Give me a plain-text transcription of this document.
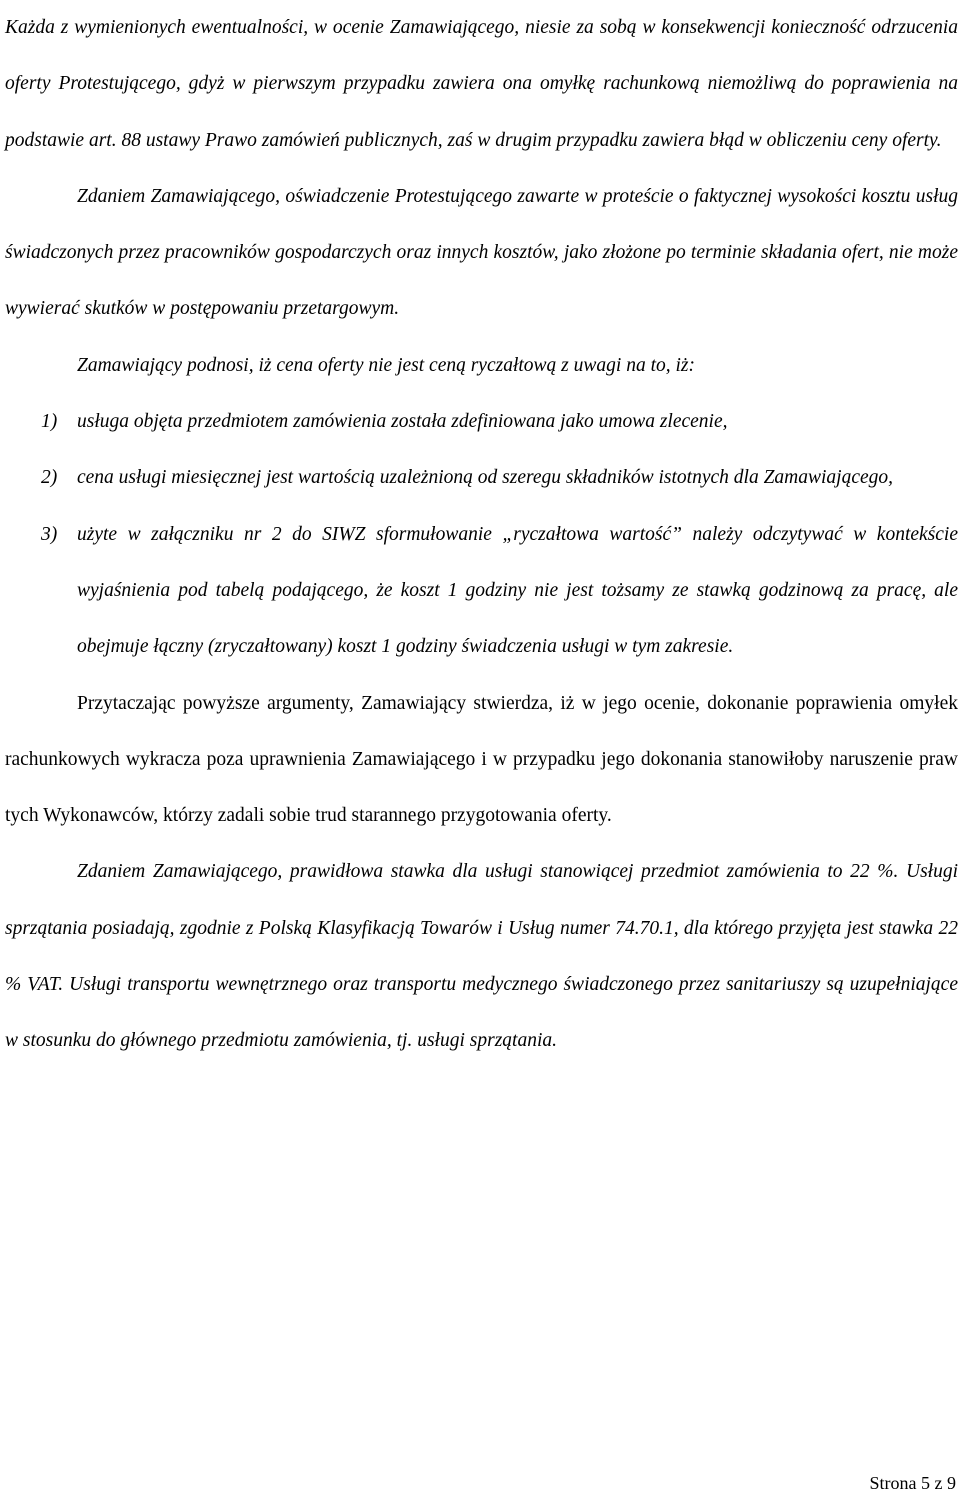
Każda z wymienionych ewentualności, w ocenie Zamawiającego, niesie za sobą w konsekwencji konieczność odrzucenia oferty Protestującego, gdyż w pierwszym przypadku zawiera ona omyłkę rachunkową niemożliwą do poprawienia na podstawie art. 88 ustawy Prawo zamówień publicznych, zaś w drugim przypadku zawiera błąd w obliczeniu ceny oferty.

Zdaniem Zamawiającego, oświadczenie Protestującego zawarte w proteście o faktycznej wysokości kosztu usług świadczonych przez pracowników gospodarczych oraz innych kosztów, jako złożone po terminie składania ofert, nie może wywierać skutków w postępowaniu przetargowym.

Zamawiający podnosi, iż cena oferty nie jest ceną ryczałtową z uwagi na to, iż:

1) usługa objęta przedmiotem zamówienia została zdefiniowana jako umowa zlecenie,
2) cena usługi miesięcznej jest wartością uzależnioną od szeregu składników istotnych dla Zamawiającego,
3) użyte w załączniku nr 2 do SIWZ sformułowanie „ryczałtowa wartość” należy odczytywać w kontekście wyjaśnienia pod tabelą podającego, że koszt 1 godziny nie jest tożsamy ze stawką godzinową za pracę, ale obejmuje łączny (zryczałtowany) koszt 1 godziny świadczenia usługi w tym zakresie.

Przytaczając powyższe argumenty, Zamawiający stwierdza, iż w jego ocenie, dokonanie poprawienia omyłek rachunkowych wykracza poza uprawnienia Zamawiającego i w przypadku jego dokonania stanowiłoby naruszenie praw tych Wykonawców, którzy zadali sobie trud starannego przygotowania oferty.

Zdaniem Zamawiającego, prawidłowa stawka dla usługi stanowiącej przedmiot zamówienia to 22 %. Usługi sprzątania posiadają, zgodnie z Polską Klasyfikacją Towarów i Usług numer 74.70.1, dla którego przyjęta jest stawka 22 % VAT. Usługi transportu wewnętrznego oraz transportu medycznego świadczonego przez sanitariuszy są uzupełniające w stosunku do głównego przedmiotu zamówienia, tj. usługi sprzątania.

Strona 5 z 9
